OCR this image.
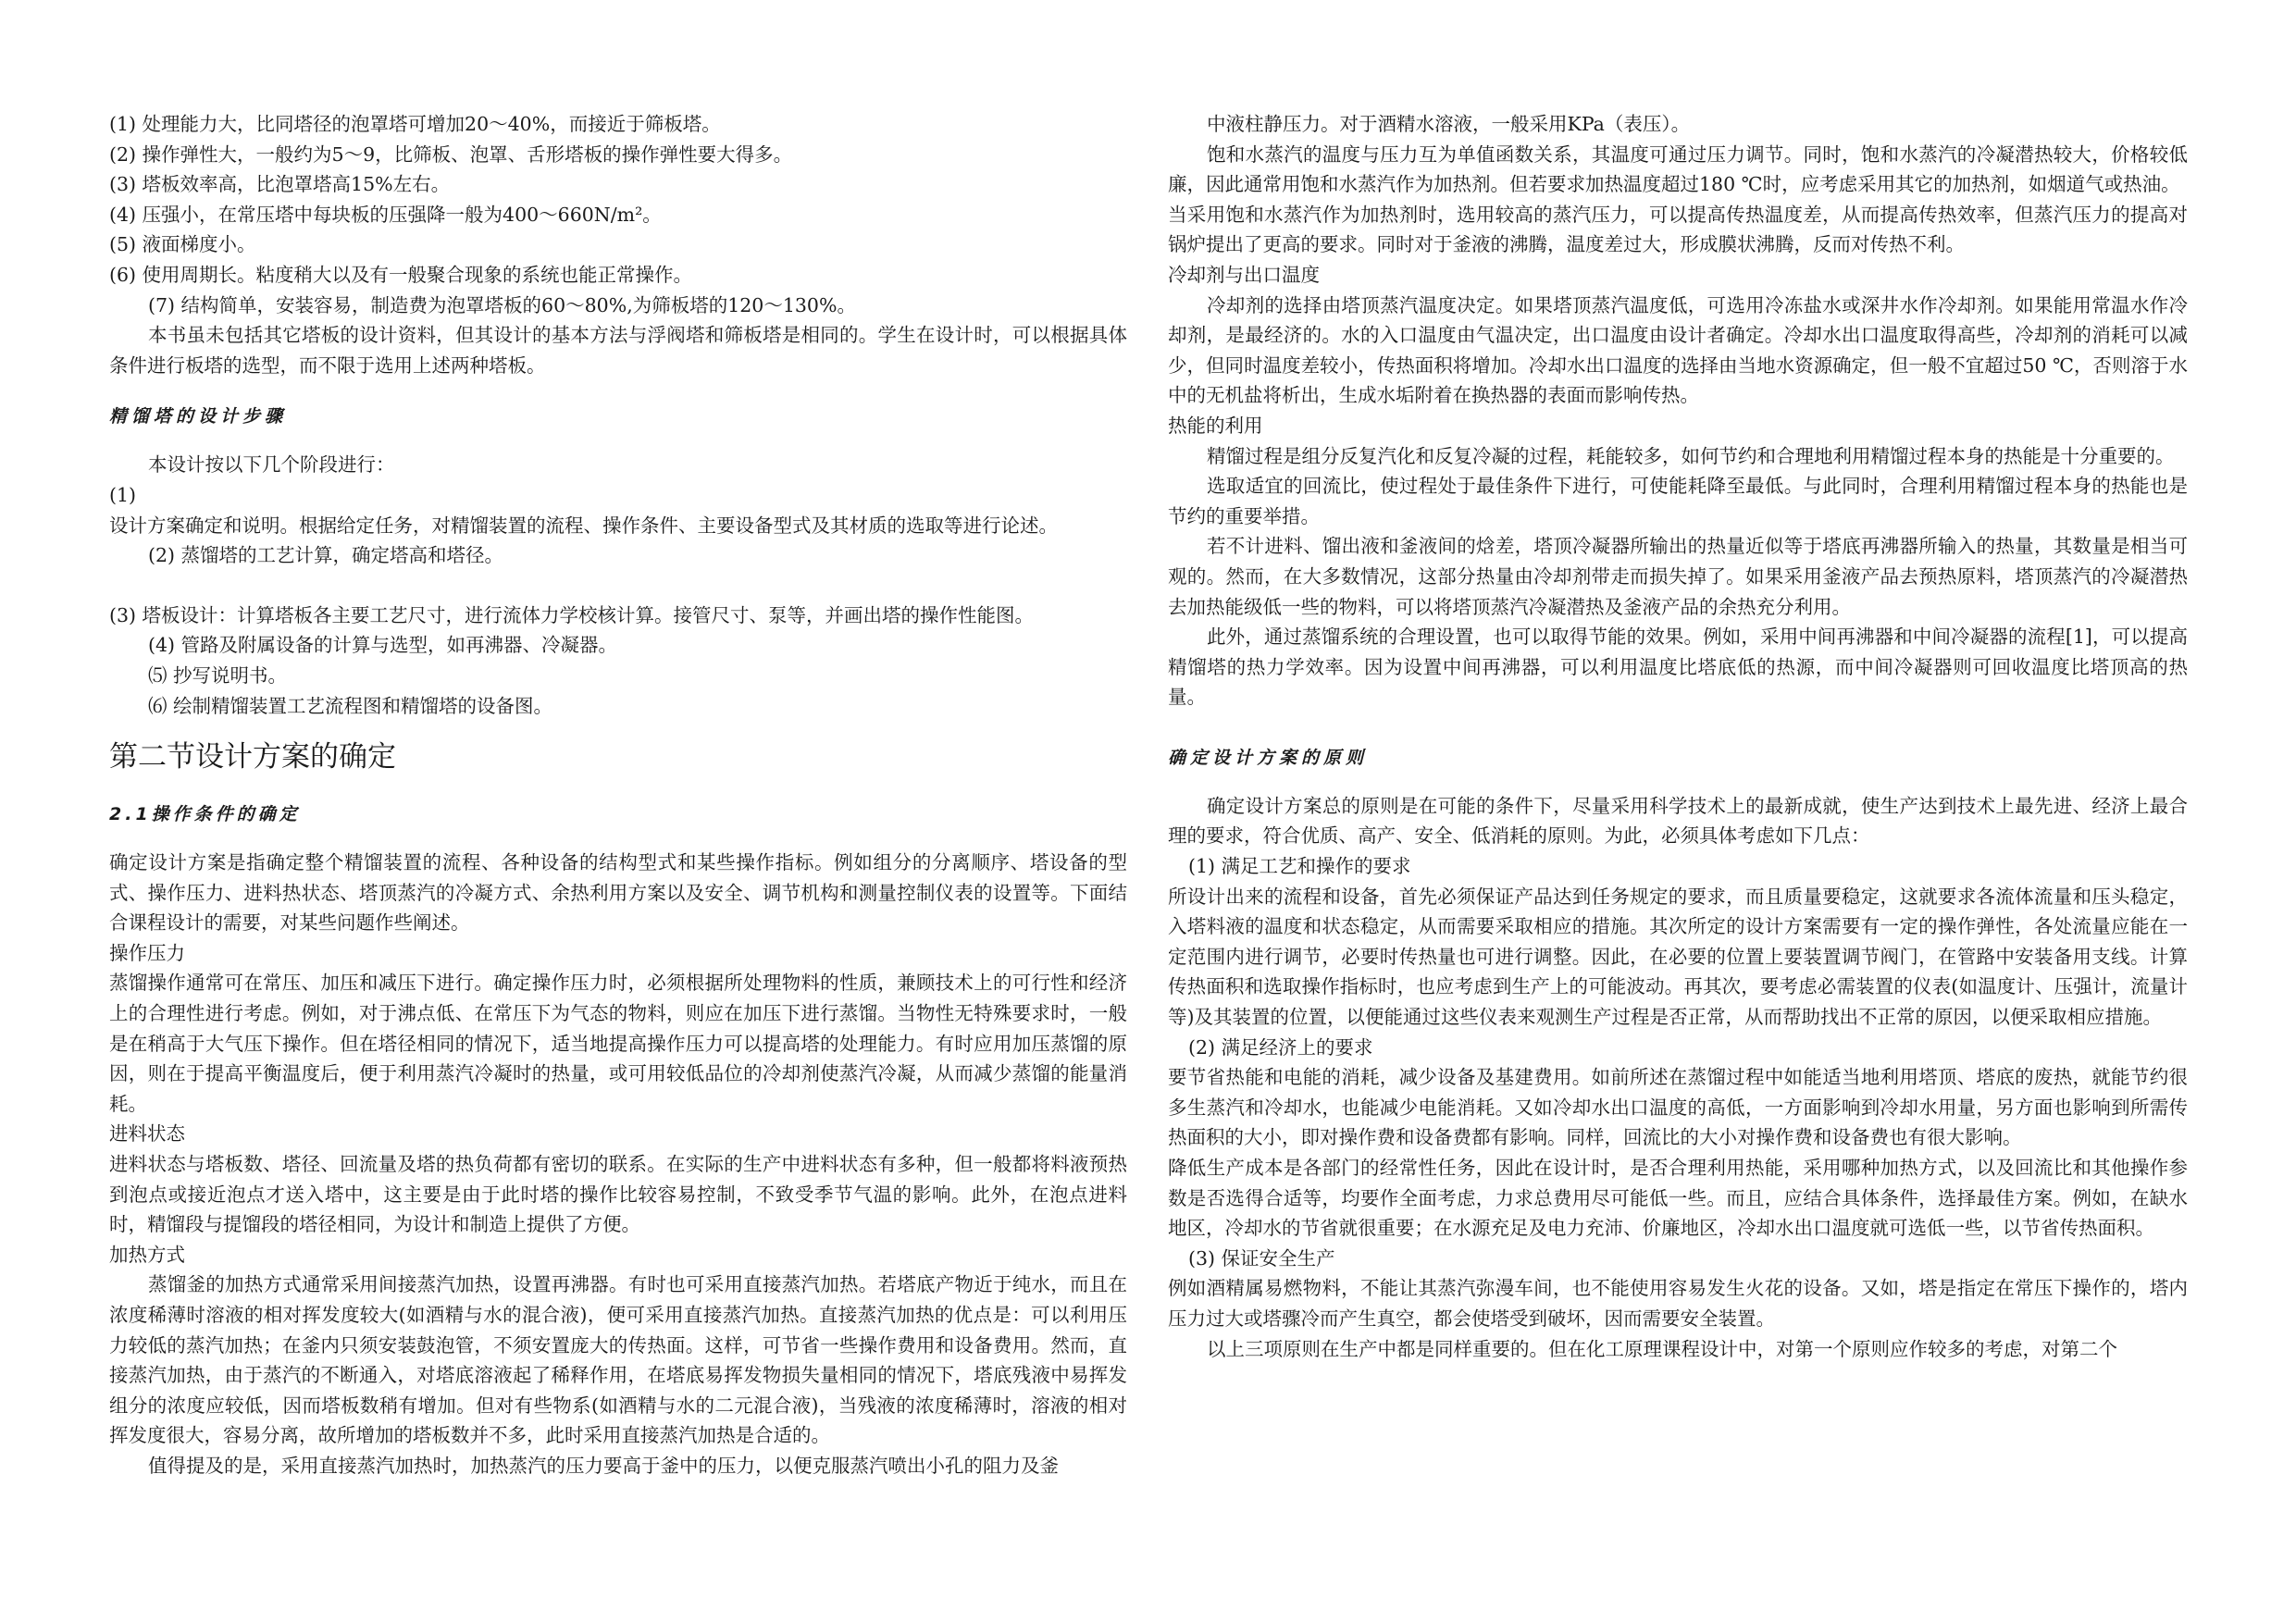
(1) 处理能力大，比同塔径的泡罩塔可增加20～40%，而接近于筛板塔。
(2) 操作弹性大，一般约为5～9，比筛板、泡罩、舌形塔板的操作弹性要大得多。
(3) 塔板效率高，比泡罩塔高15%左右。
(4) 压强小，在常压塔中每块板的压强降一般为400～660N/m²。
(5) 液面梯度小。
(6) 使用周期长。粘度稍大以及有一般聚合现象的系统也能正常操作。
(7) 结构简单，安装容易，制造费为泡罩塔板的60～80%,为筛板塔的120～130%。

本书虽未包括其它塔板的设计资料，但其设计的基本方法与浮阀塔和筛板塔是相同的。学生在设计时，可以根据具体条件进行板塔的选型，而不限于选用上述两种塔板。

精馏塔的设计步骤

本设计按以下几个阶段进行：

(1)

设计方案确定和说明。根据给定任务，对精馏装置的流程、操作条件、主要设备型式及其材质的选取等进行论述。

(2) 蒸馏塔的工艺计算，确定塔高和塔径。
(3) 塔板设计：计算塔板各主要工艺尺寸，进行流体力学校核计算。接管尺寸、泵等，并画出塔的操作性能图。
(4) 管路及附属设备的计算与选型，如再沸器、冷凝器。
⑸ 抄写说明书。
⑹ 绘制精馏装置工艺流程图和精馏塔的设备图。
第二节设计方案的确定
2.1操作条件的确定

确定设计方案是指确定整个精馏装置的流程、各种设备的结构型式和某些操作指标。例如组分的分离顺序、塔设备的型式、操作压力、进料热状态、塔顶蒸汽的冷凝方式、余热利用方案以及安全、调节机构和测量控制仪表的设置等。下面结合课程设计的需要，对某些问题作些阐述。

操作压力

蒸馏操作通常可在常压、加压和减压下进行。确定操作压力时，必须根据所处理物料的性质，兼顾技术上的可行性和经济上的合理性进行考虑。例如，对于沸点低、在常压下为气态的物料，则应在加压下进行蒸馏。当物性无特殊要求时，一般是在稍高于大气压下操作。但在塔径相同的情况下，适当地提高操作压力可以提高塔的处理能力。有时应用加压蒸馏的原因，则在于提高平衡温度后，便于利用蒸汽冷凝时的热量，或可用较低品位的冷却剂使蒸汽冷凝，从而减少蒸馏的能量消耗。

进料状态

进料状态与塔板数、塔径、回流量及塔的热负荷都有密切的联系。在实际的生产中进料状态有多种，但一般都将料液预热到泡点或接近泡点才送入塔中，这主要是由于此时塔的操作比较容易控制，不致受季节气温的影响。此外，在泡点进料时，精馏段与提馏段的塔径相同，为设计和制造上提供了方便。

加热方式

蒸馏釜的加热方式通常采用间接蒸汽加热，设置再沸器。有时也可采用直接蒸汽加热。若塔底产物近于纯水，而且在浓度稀薄时溶液的相对挥发度较大(如酒精与水的混合液)，便可采用直接蒸汽加热。直接蒸汽加热的优点是：可以利用压力较低的蒸汽加热；在釜内只须安装鼓泡管，不须安置庞大的传热面。这样，可节省一些操作费用和设备费用。然而，直接蒸汽加热，由于蒸汽的不断通入，对塔底溶液起了稀释作用，在塔底易挥发物损失量相同的情况下，塔底残液中易挥发组分的浓度应较低，因而塔板数稍有增加。但对有些物系(如酒精与水的二元混合液)，当残液的浓度稀薄时，溶液的相对挥发度很大，容易分离，故所增加的塔板数并不多，此时采用直接蒸汽加热是合适的。

值得提及的是，采用直接蒸汽加热时，加热蒸汽的压力要高于釜中的压力，以便克服蒸汽喷出小孔的阻力及釜

中液柱静压力。对于酒精水溶液，一般采用KPa（表压）。

饱和水蒸汽的温度与压力互为单值函数关系，其温度可通过压力调节。同时，饱和水蒸汽的冷凝潜热较大，价格较低廉，因此通常用饱和水蒸汽作为加热剂。但若要求加热温度超过180 ℃时，应考虑采用其它的加热剂，如烟道气或热油。

当采用饱和水蒸汽作为加热剂时，选用较高的蒸汽压力，可以提高传热温度差，从而提高传热效率，但蒸汽压力的提高对锅炉提出了更高的要求。同时对于釜液的沸腾，温度差过大，形成膜状沸腾，反而对传热不利。

冷却剂与出口温度

冷却剂的选择由塔顶蒸汽温度决定。如果塔顶蒸汽温度低，可选用冷冻盐水或深井水作冷却剂。如果能用常温水作冷却剂，是最经济的。水的入口温度由气温决定，出口温度由设计者确定。冷却水出口温度取得高些，冷却剂的消耗可以减少，但同时温度差较小，传热面积将增加。冷却水出口温度的选择由当地水资源确定，但一般不宜超过50 ℃，否则溶于水中的无机盐将析出，生成水垢附着在换热器的表面而影响传热。

热能的利用

精馏过程是组分反复汽化和反复冷凝的过程，耗能较多，如何节约和合理地利用精馏过程本身的热能是十分重要的。

选取适宜的回流比，使过程处于最佳条件下进行，可使能耗降至最低。与此同时，合理利用精馏过程本身的热能也是节约的重要举措。

若不计进料、馏出液和釜液间的焓差，塔顶冷凝器所输出的热量近似等于塔底再沸器所输入的热量，其数量是相当可观的。然而，在大多数情况，这部分热量由冷却剂带走而损失掉了。如果采用釜液产品去预热原料，塔顶蒸汽的冷凝潜热去加热能级低一些的物料，可以将塔顶蒸汽冷凝潜热及釜液产品的余热充分利用。

此外，通过蒸馏系统的合理设置，也可以取得节能的效果。例如，采用中间再沸器和中间冷凝器的流程[1]，可以提高精馏塔的热力学效率。因为设置中间再沸器，可以利用温度比塔底低的热源，而中间冷凝器则可回收温度比塔顶高的热量。

确定设计方案的原则

确定设计方案总的原则是在可能的条件下，尽量采用科学技术上的最新成就，使生产达到技术上最先进、经济上最合理的要求，符合优质、高产、安全、低消耗的原则。为此，必须具体考虑如下几点：

(1) 满足工艺和操作的要求

所设计出来的流程和设备，首先必须保证产品达到任务规定的要求，而且质量要稳定，这就要求各流体流量和压头稳定，入塔料液的温度和状态稳定，从而需要采取相应的措施。其次所定的设计方案需要有一定的操作弹性，各处流量应能在一定范围内进行调节，必要时传热量也可进行调整。因此，在必要的位置上要装置调节阀门，在管路中安装备用支线。计算传热面积和选取操作指标时，也应考虑到生产上的可能波动。再其次，要考虑必需装置的仪表(如温度计、压强计，流量计等)及其装置的位置，以便能通过这些仪表来观测生产过程是否正常，从而帮助找出不正常的原因，以便采取相应措施。

(2) 满足经济上的要求

要节省热能和电能的消耗，减少设备及基建费用。如前所述在蒸馏过程中如能适当地利用塔顶、塔底的废热，就能节约很多生蒸汽和冷却水，也能减少电能消耗。又如冷却水出口温度的高低，一方面影响到冷却水用量，另方面也影响到所需传热面积的大小，即对操作费和设备费都有影响。同样，回流比的大小对操作费和设备费也有很大影响。

降低生产成本是各部门的经常性任务，因此在设计时，是否合理利用热能，采用哪种加热方式，以及回流比和其他操作参数是否选得合适等，均要作全面考虑，力求总费用尽可能低一些。而且，应结合具体条件，选择最佳方案。例如，在缺水地区，冷却水的节省就很重要；在水源充足及电力充沛、价廉地区，冷却水出口温度就可选低一些，以节省传热面积。

(3) 保证安全生产

例如酒精属易燃物料，不能让其蒸汽弥漫车间，也不能使用容易发生火花的设备。又如，塔是指定在常压下操作的，塔内压力过大或塔骤冷而产生真空，都会使塔受到破坏，因而需要安全装置。

以上三项原则在生产中都是同样重要的。但在化工原理课程设计中，对第一个原则应作较多的考虑，对第二个
